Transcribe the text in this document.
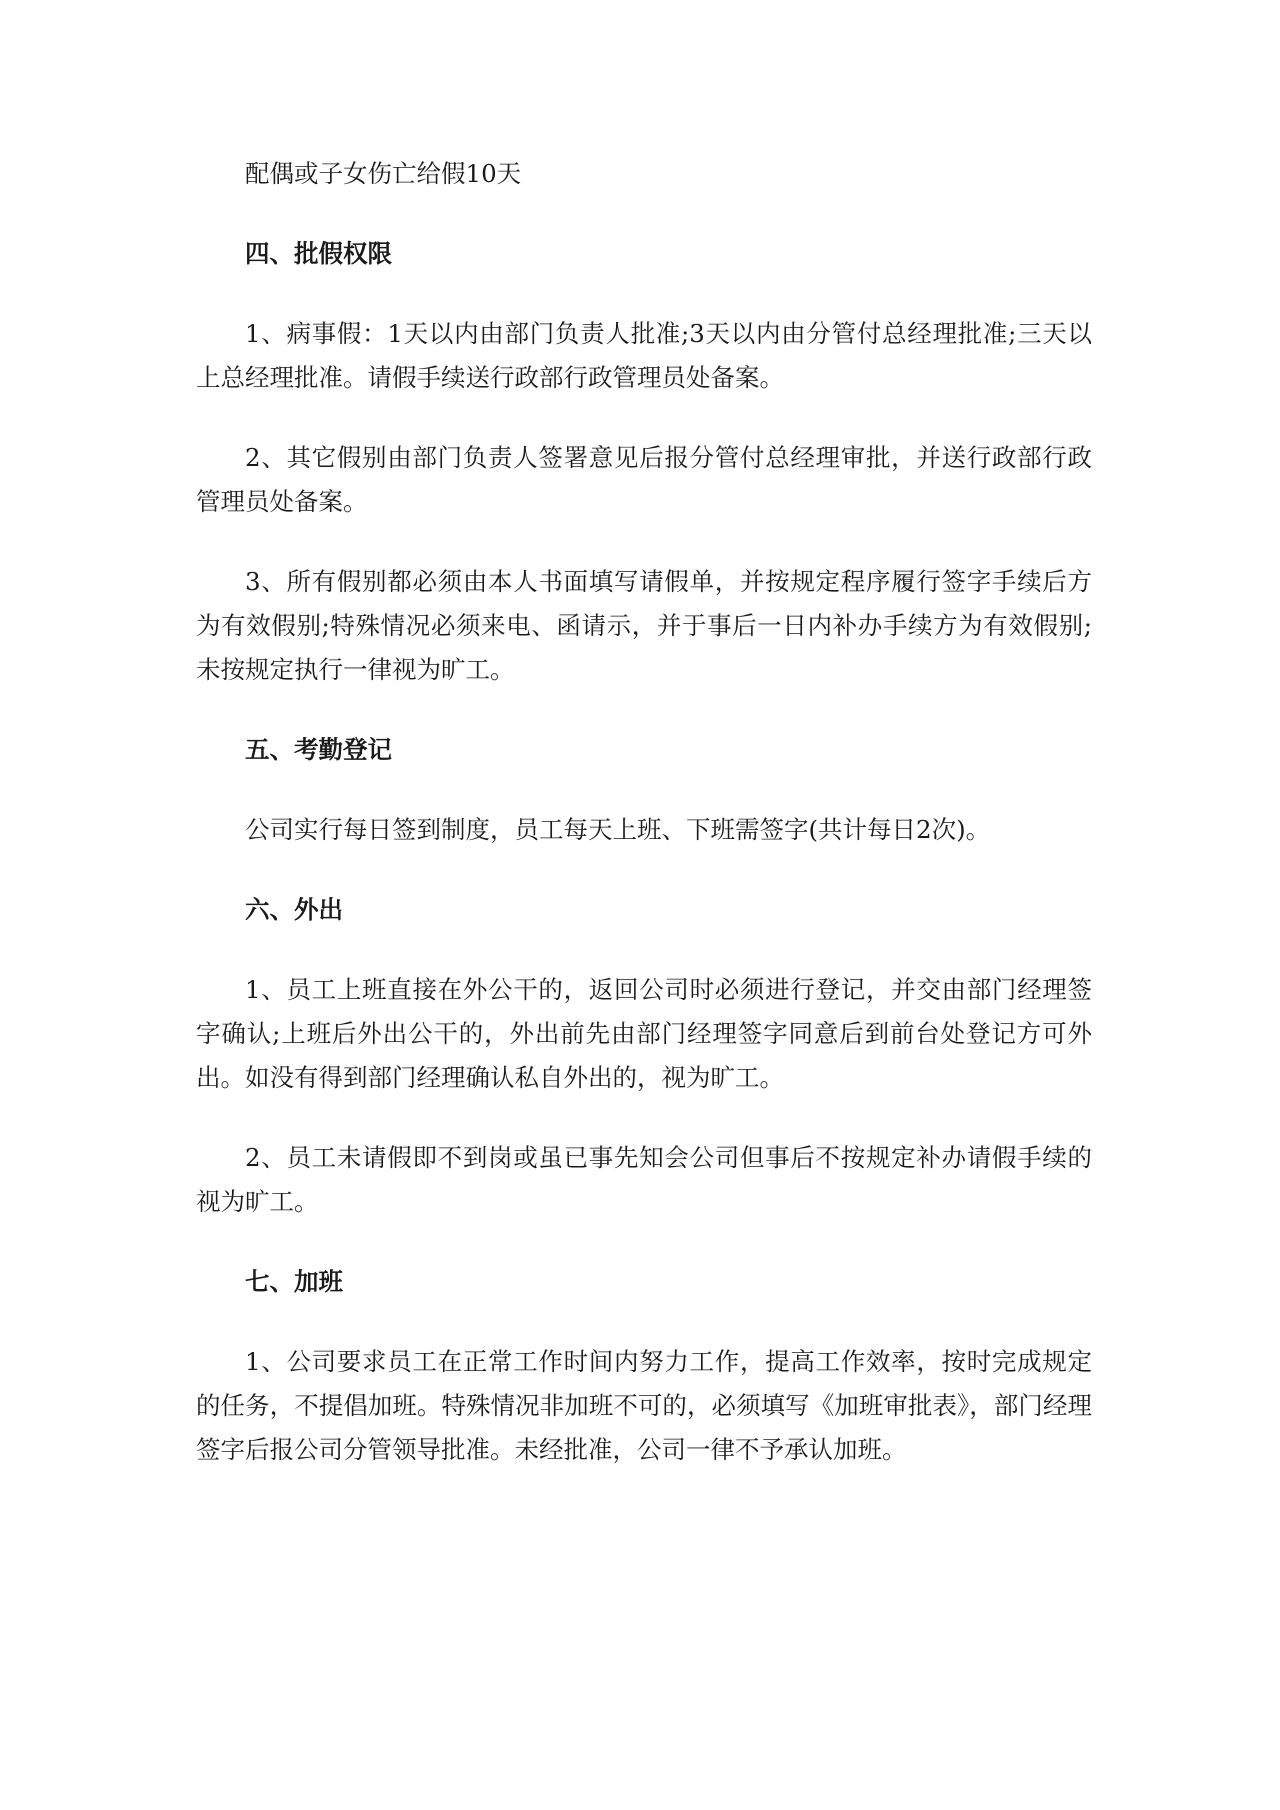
配偶或子女伤亡给假10天

四、批假权限

1、病事假：1天以内由部门负责人批准;3天以内由分管付总经理批准;三天以上总经理批准。请假手续送行政部行政管理员处备案。

2、其它假别由部门负责人签署意见后报分管付总经理审批，并送行政部行政管理员处备案。

3、所有假别都必须由本人书面填写请假单，并按规定程序履行签字手续后方为有效假别;特殊情况必须来电、函请示，并于事后一日内补办手续方为有效假别;未按规定执行一律视为旷工。

五、考勤登记

公司实行每日签到制度，员工每天上班、下班需签字(共计每日2次)。

六、外出

1、员工上班直接在外公干的，返回公司时必须进行登记，并交由部门经理签字确认;上班后外出公干的，外出前先由部门经理签字同意后到前台处登记方可外出。如没有得到部门经理确认私自外出的，视为旷工。

2、员工未请假即不到岗或虽已事先知会公司但事后不按规定补办请假手续的视为旷工。

七、加班

1、公司要求员工在正常工作时间内努力工作，提高工作效率，按时完成规定的任务，不提倡加班。特殊情况非加班不可的，必须填写《加班审批表》，部门经理签字后报公司分管领导批准。未经批准，公司一律不予承认加班。
